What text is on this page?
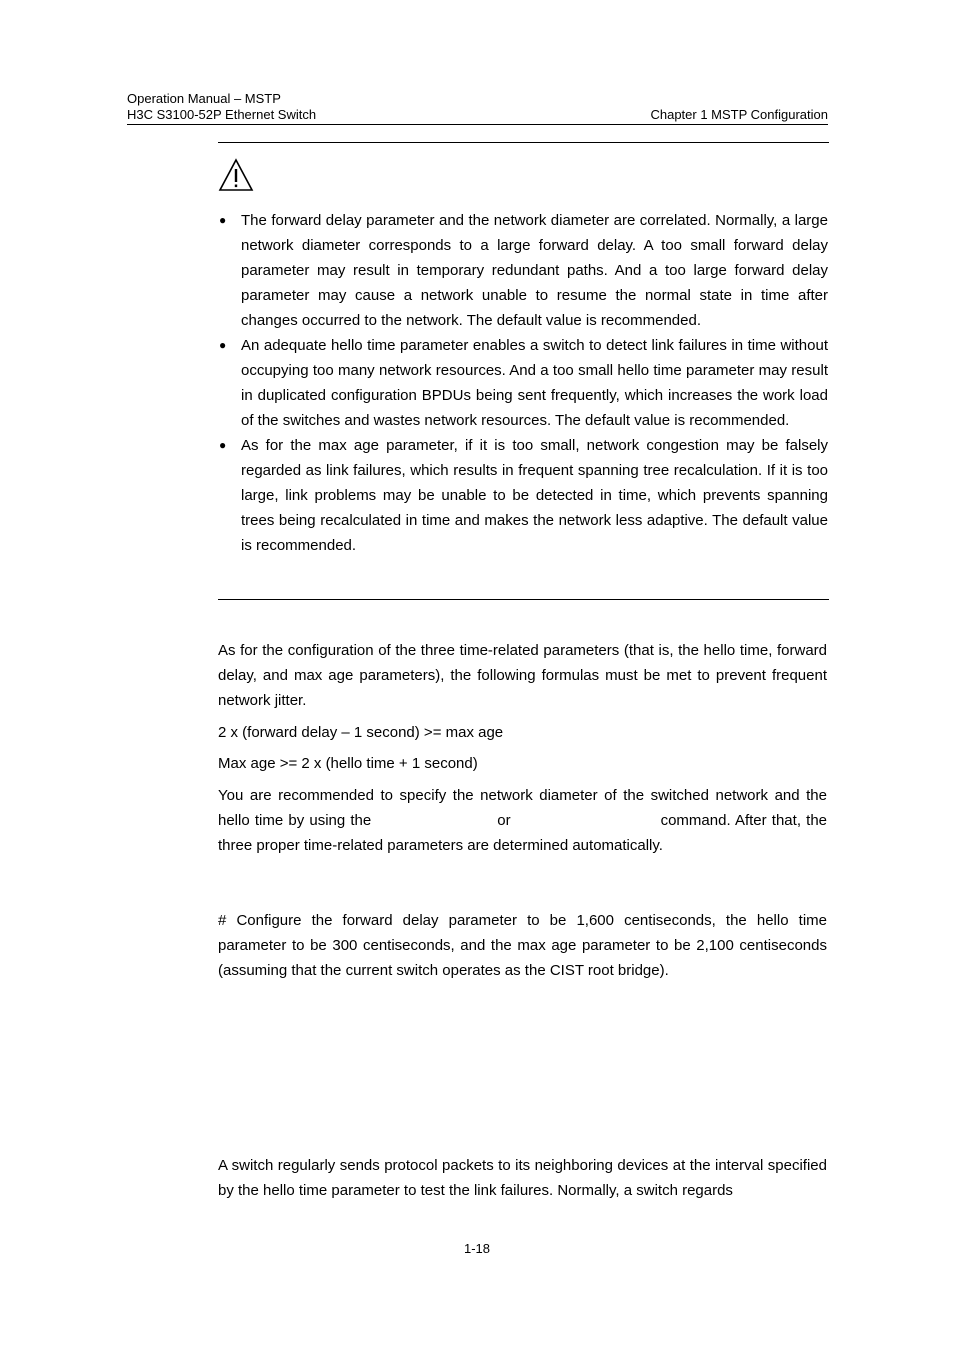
Operation Manual – MSTP
H3C S3100-52P Ethernet Switch	Chapter 1 MSTP Configuration
● The forward delay parameter and the network diameter are correlated. Normally, a large network diameter corresponds to a large forward delay. A too small forward delay parameter may result in temporary redundant paths. And a too large forward delay parameter may cause a network unable to resume the normal state in time after changes occurred to the network. The default value is recommended.
● An adequate hello time parameter enables a switch to detect link failures in time without occupying too many network resources. And a too small hello time parameter may result in duplicated configuration BPDUs being sent frequently, which increases the work load of the switches and wastes network resources. The default value is recommended.
● As for the max age parameter, if it is too small, network congestion may be falsely regarded as link failures, which results in frequent spanning tree recalculation. If it is too large, link problems may be unable to be detected in time, which prevents spanning trees being recalculated in time and makes the network less adaptive. The default value is recommended.

As for the configuration of the three time-related parameters (that is, the hello time, forward delay, and max age parameters), the following formulas must be met to prevent frequent network jitter.

2 x (forward delay – 1 second) >= max age

Max age >= 2 x (hello time + 1 second)

You are recommended to specify the network diameter of the switched network and the hello time by using the	or	command. After that, the three proper time-related parameters are determined automatically.

# Configure the forward delay parameter to be 1,600 centiseconds, the hello time parameter to be 300 centiseconds, and the max age parameter to be 2,100 centiseconds (assuming that the current switch operates as the CIST root bridge).

A switch regularly sends protocol packets to its neighboring devices at the interval specified by the hello time parameter to test the link failures. Normally, a switch regards

1-18
